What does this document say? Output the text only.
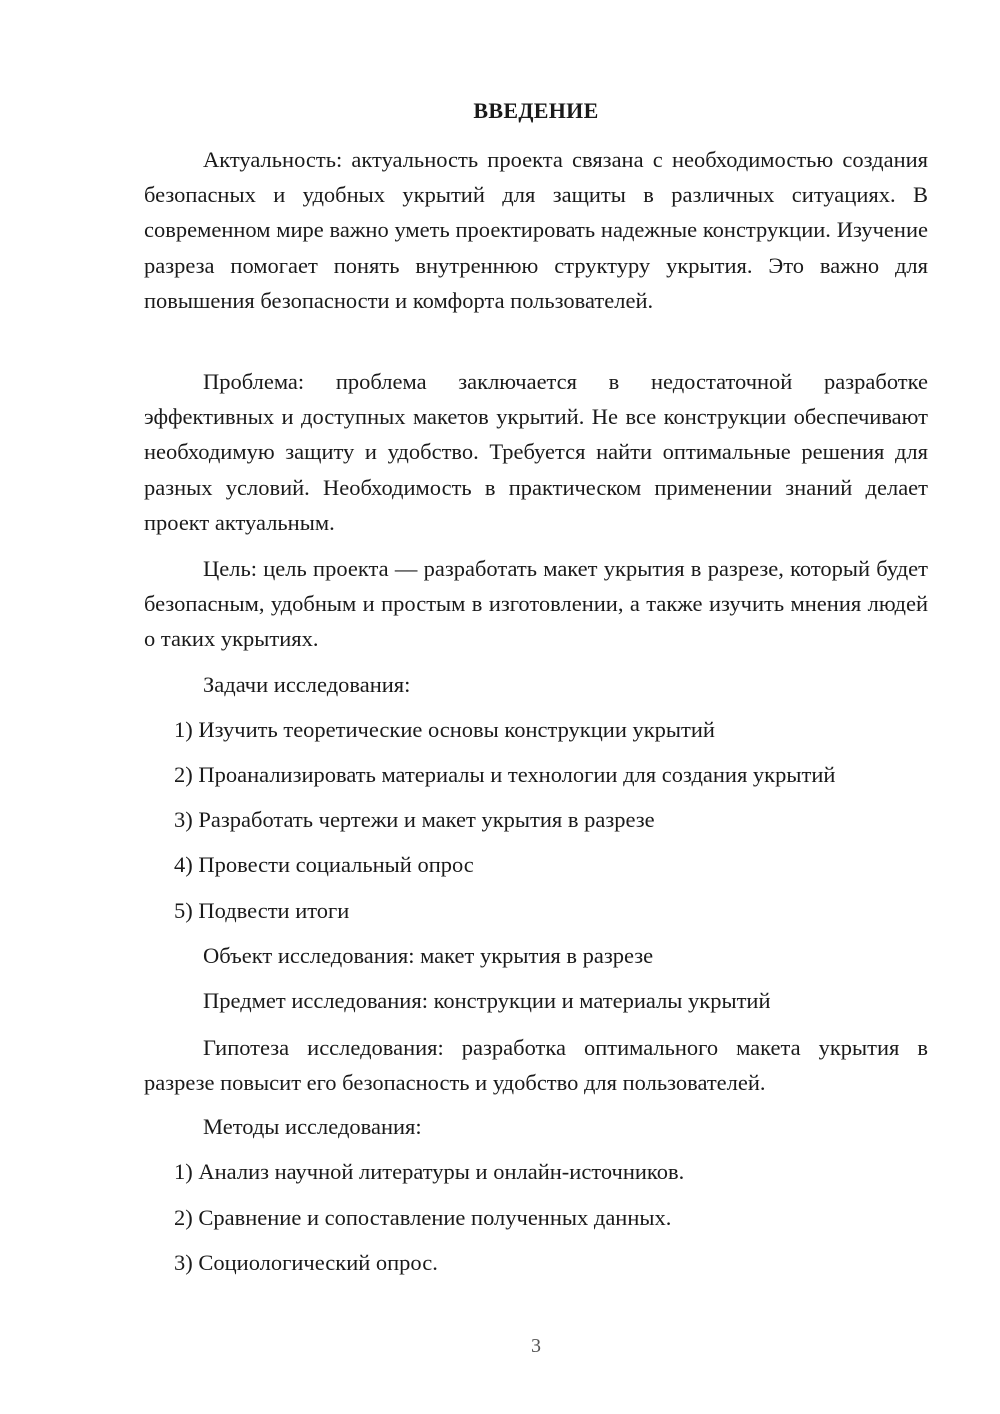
ВВЕДЕНИЕ

Актуальность: актуальность проекта связана с необходимостью создания безопасных и удобных укрытий для защиты в различных ситуациях. В современном мире важно уметь проектировать надежные конструкции. Изучение разреза помогает понять внутреннюю структуру укрытия. Это важно для повышения безопасности и комфорта пользователей.

Проблема: проблема заключается в недостаточной разработке эффективных и доступных макетов укрытий. Не все конструкции обеспечивают необходимую защиту и удобство. Требуется найти оптимальные решения для разных условий. Необходимость в практическом применении знаний делает проект актуальным.

Цель: цель проекта — разработать макет укрытия в разрезе, который будет безопасным, удобным и простым в изготовлении, а также изучить мнения людей о таких укрытиях.

Задачи исследования:

1) Изучить теоретические основы конструкции укрытий

2) Проанализировать материалы и технологии для создания укрытий

3) Разработать чертежи и макет укрытия в разрезе

4) Провести социальный опрос

5) Подвести итоги

Объект исследования: макет укрытия в разрезе

Предмет исследования: конструкции и материалы укрытий

Гипотеза исследования: разработка оптимального макета укрытия в разрезе повысит его безопасность и удобство для пользователей.

Методы исследования:

1) Анализ научной литературы и онлайн-источников.

2) Сравнение и сопоставление полученных данных.

3) Социологический опрос.

3
